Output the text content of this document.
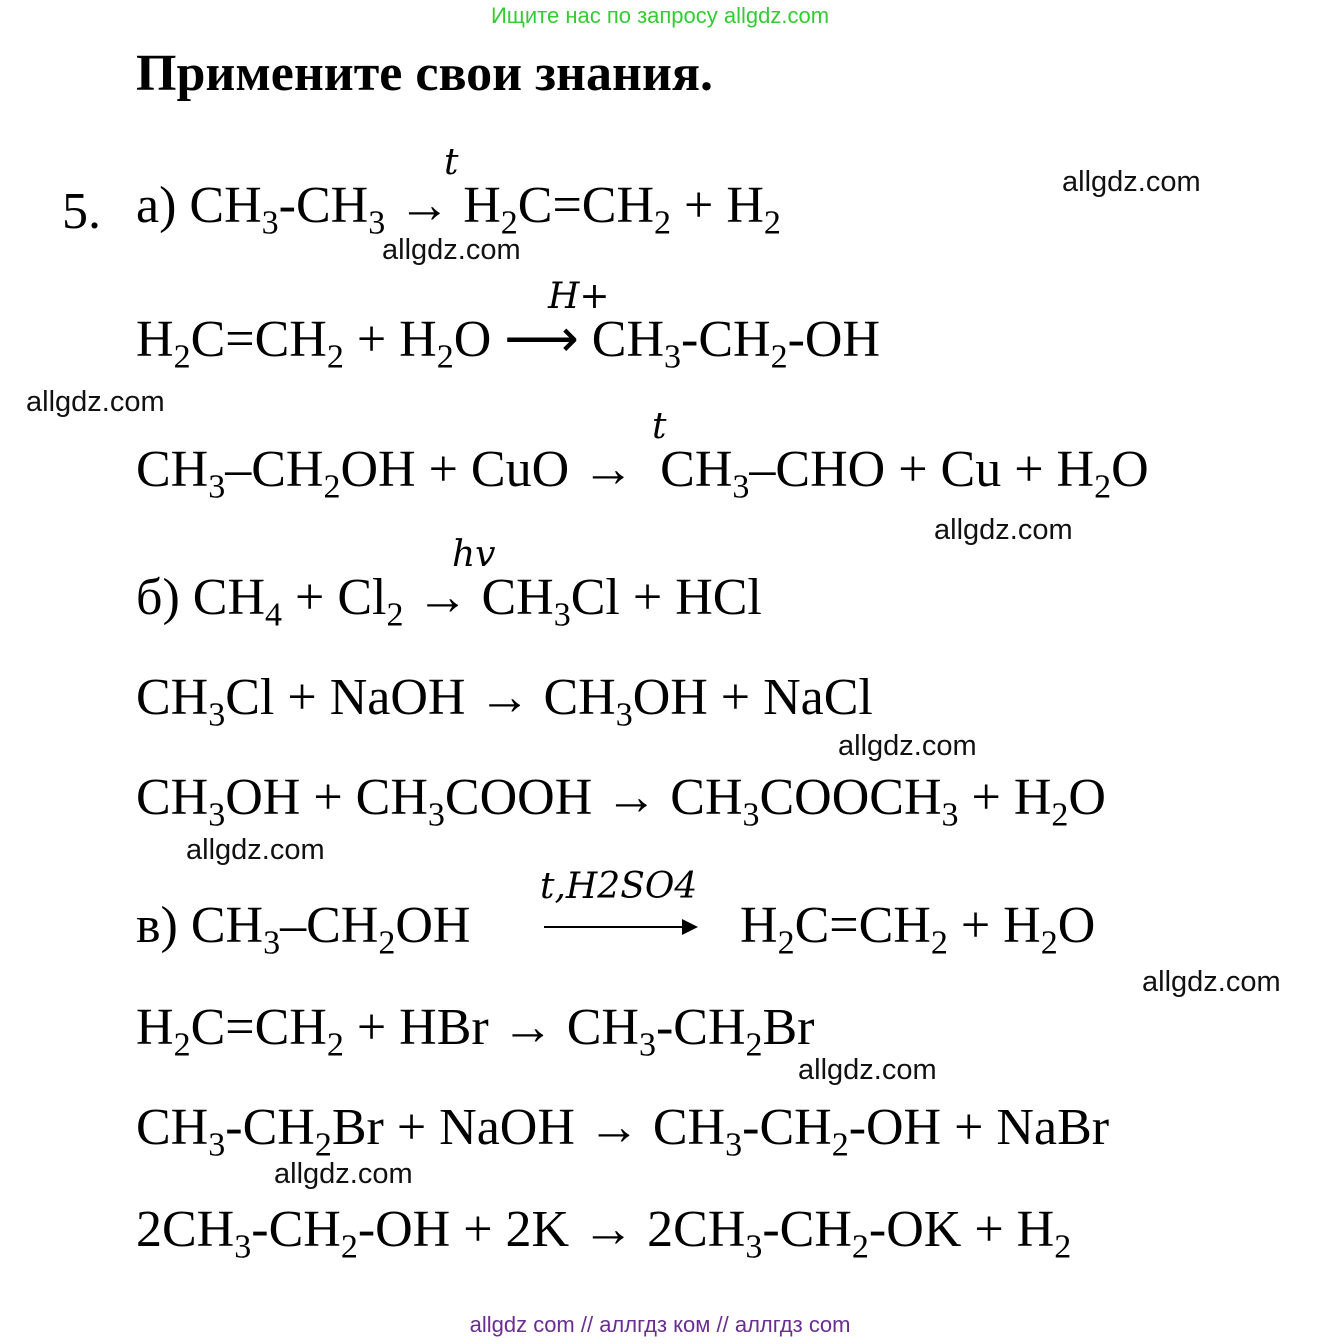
Ищите нас по запросу allgdz.com
Примените свои знания.
5.
t
а) $CH_3-CH_3 \to H_2C=CH_2 + H_2$
H+
$H_2C=CH_2 + H_2O$ ⟶ $CH_3-CH_2-OH$
t
$CH_3-CH_2OH$ + CuO →  $CH_3$–CHO + $Cu + H_2O$
hv
б) $CH_4 + Cl_2 \to CH_3Cl$ + HCl
$CH_3Cl$ + NaOH → $CH_3OH$ + NaCl
$CH_3OH$ + $CH_3COOH$ → $CH_3COOCH_3 + H_2O$
t,H2SO4
в) $CH_3-CH_2OH$	$H_2C=CH_2 + H_2O$
$H_2C=CH_2$ + HBr → $CH_3-CH_2Br$
$CH_3-CH_2Br$ + NaOH → $CH_3-CH_2-OH$ + NaBr
$2CH_3-CH_2-OH + 2K \to 2CH_3-CH_2-OK + H_2$
allgdz.com
allgdz.com
allgdz.com
allgdz.com
allgdz.com
allgdz.com
allgdz.com
allgdz.com
allgdz.com
allgdz com // аллгдз ком // аллгдз com
